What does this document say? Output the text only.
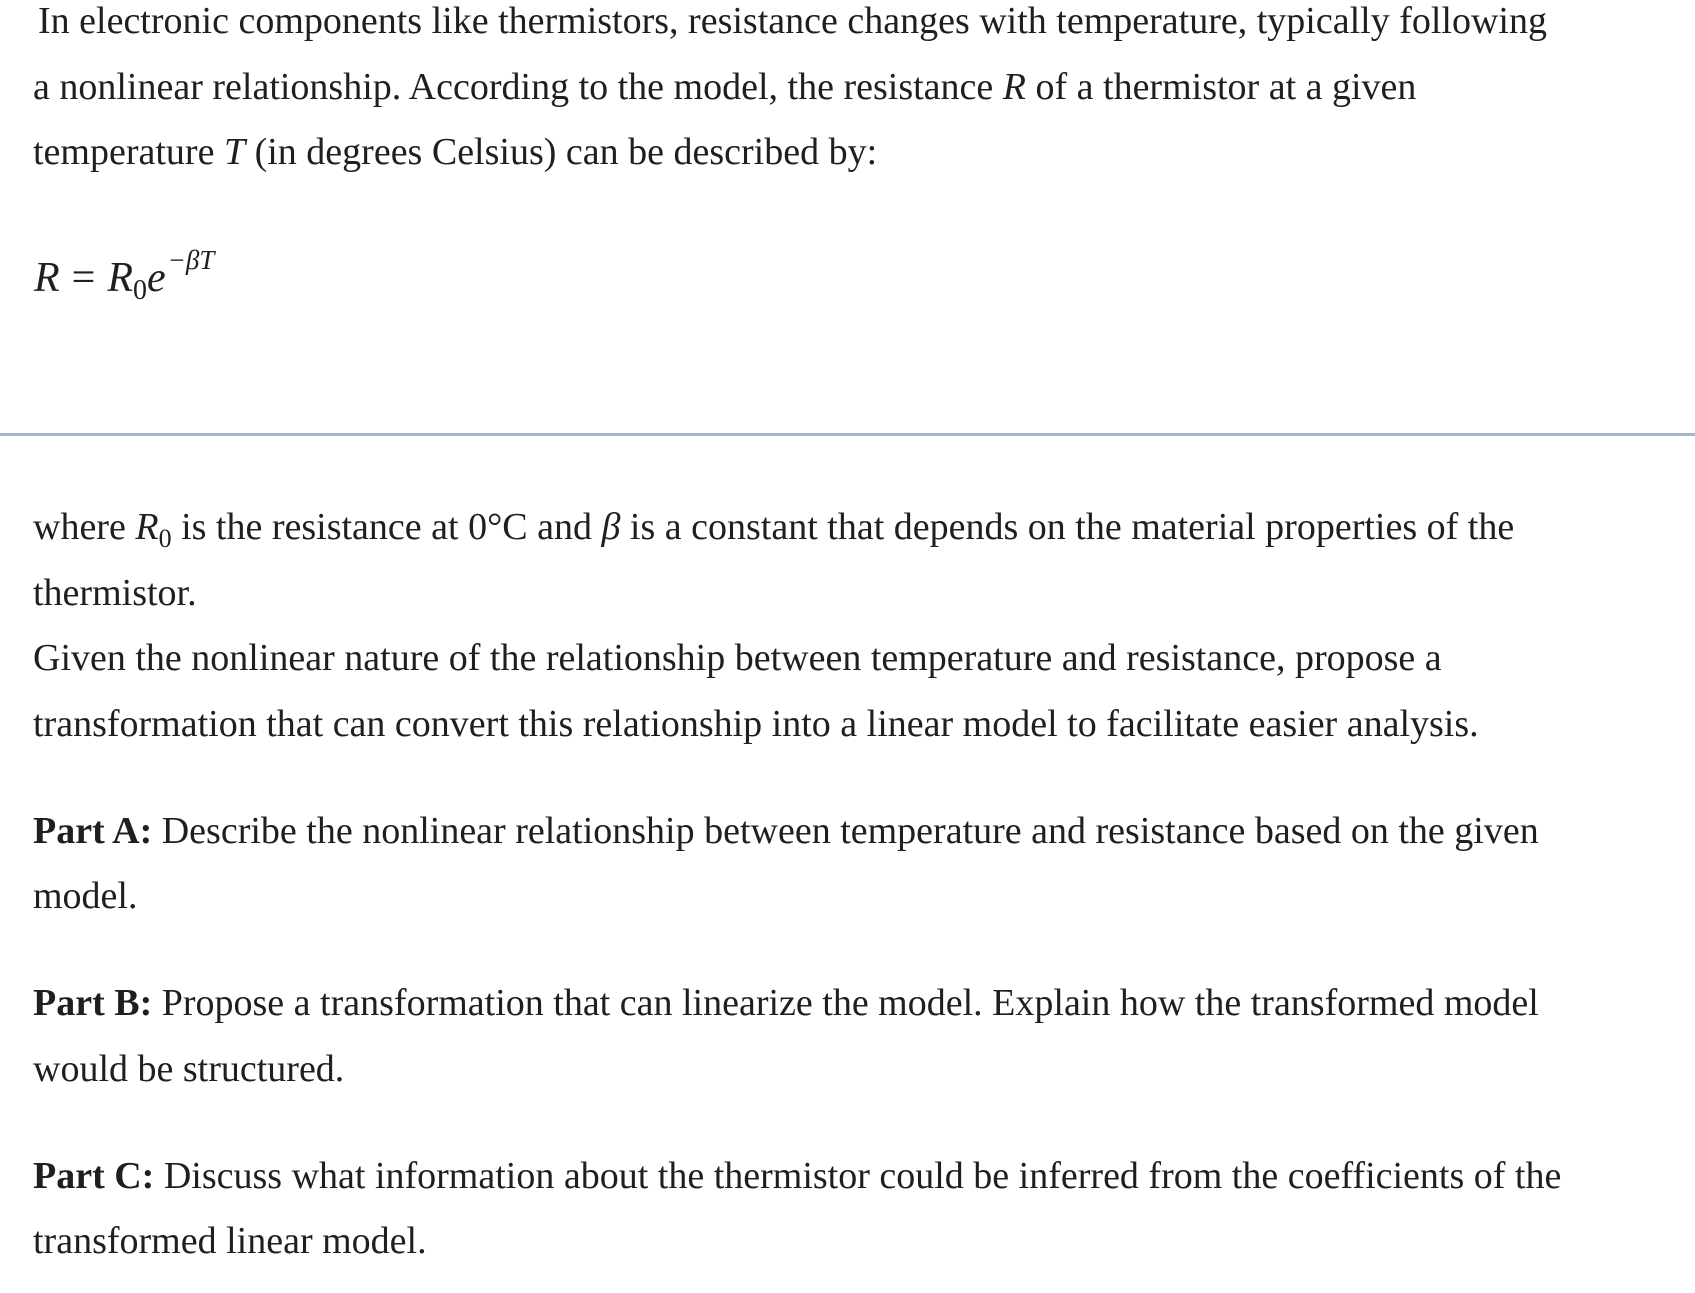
In electronic components like thermistors, resistance changes with temperature, typically following
a nonlinear relationship. According to the model, the resistance R of a thermistor at a given
temperature T (in degrees Celsius) can be described by:
$R = R_0e^{-\beta T}$
where $R_0$ is the resistance at 0°C and β is a constant that depends on the material properties of the
thermistor.
Given the nonlinear nature of the relationship between temperature and resistance, propose a
transformation that can convert this relationship into a linear model to facilitate easier analysis.
Part A: Describe the nonlinear relationship between temperature and resistance based on the given
model.
Part B: Propose a transformation that can linearize the model. Explain how the transformed model
would be structured.
Part C: Discuss what information about the thermistor could be inferred from the coefficients of the
transformed linear model.
